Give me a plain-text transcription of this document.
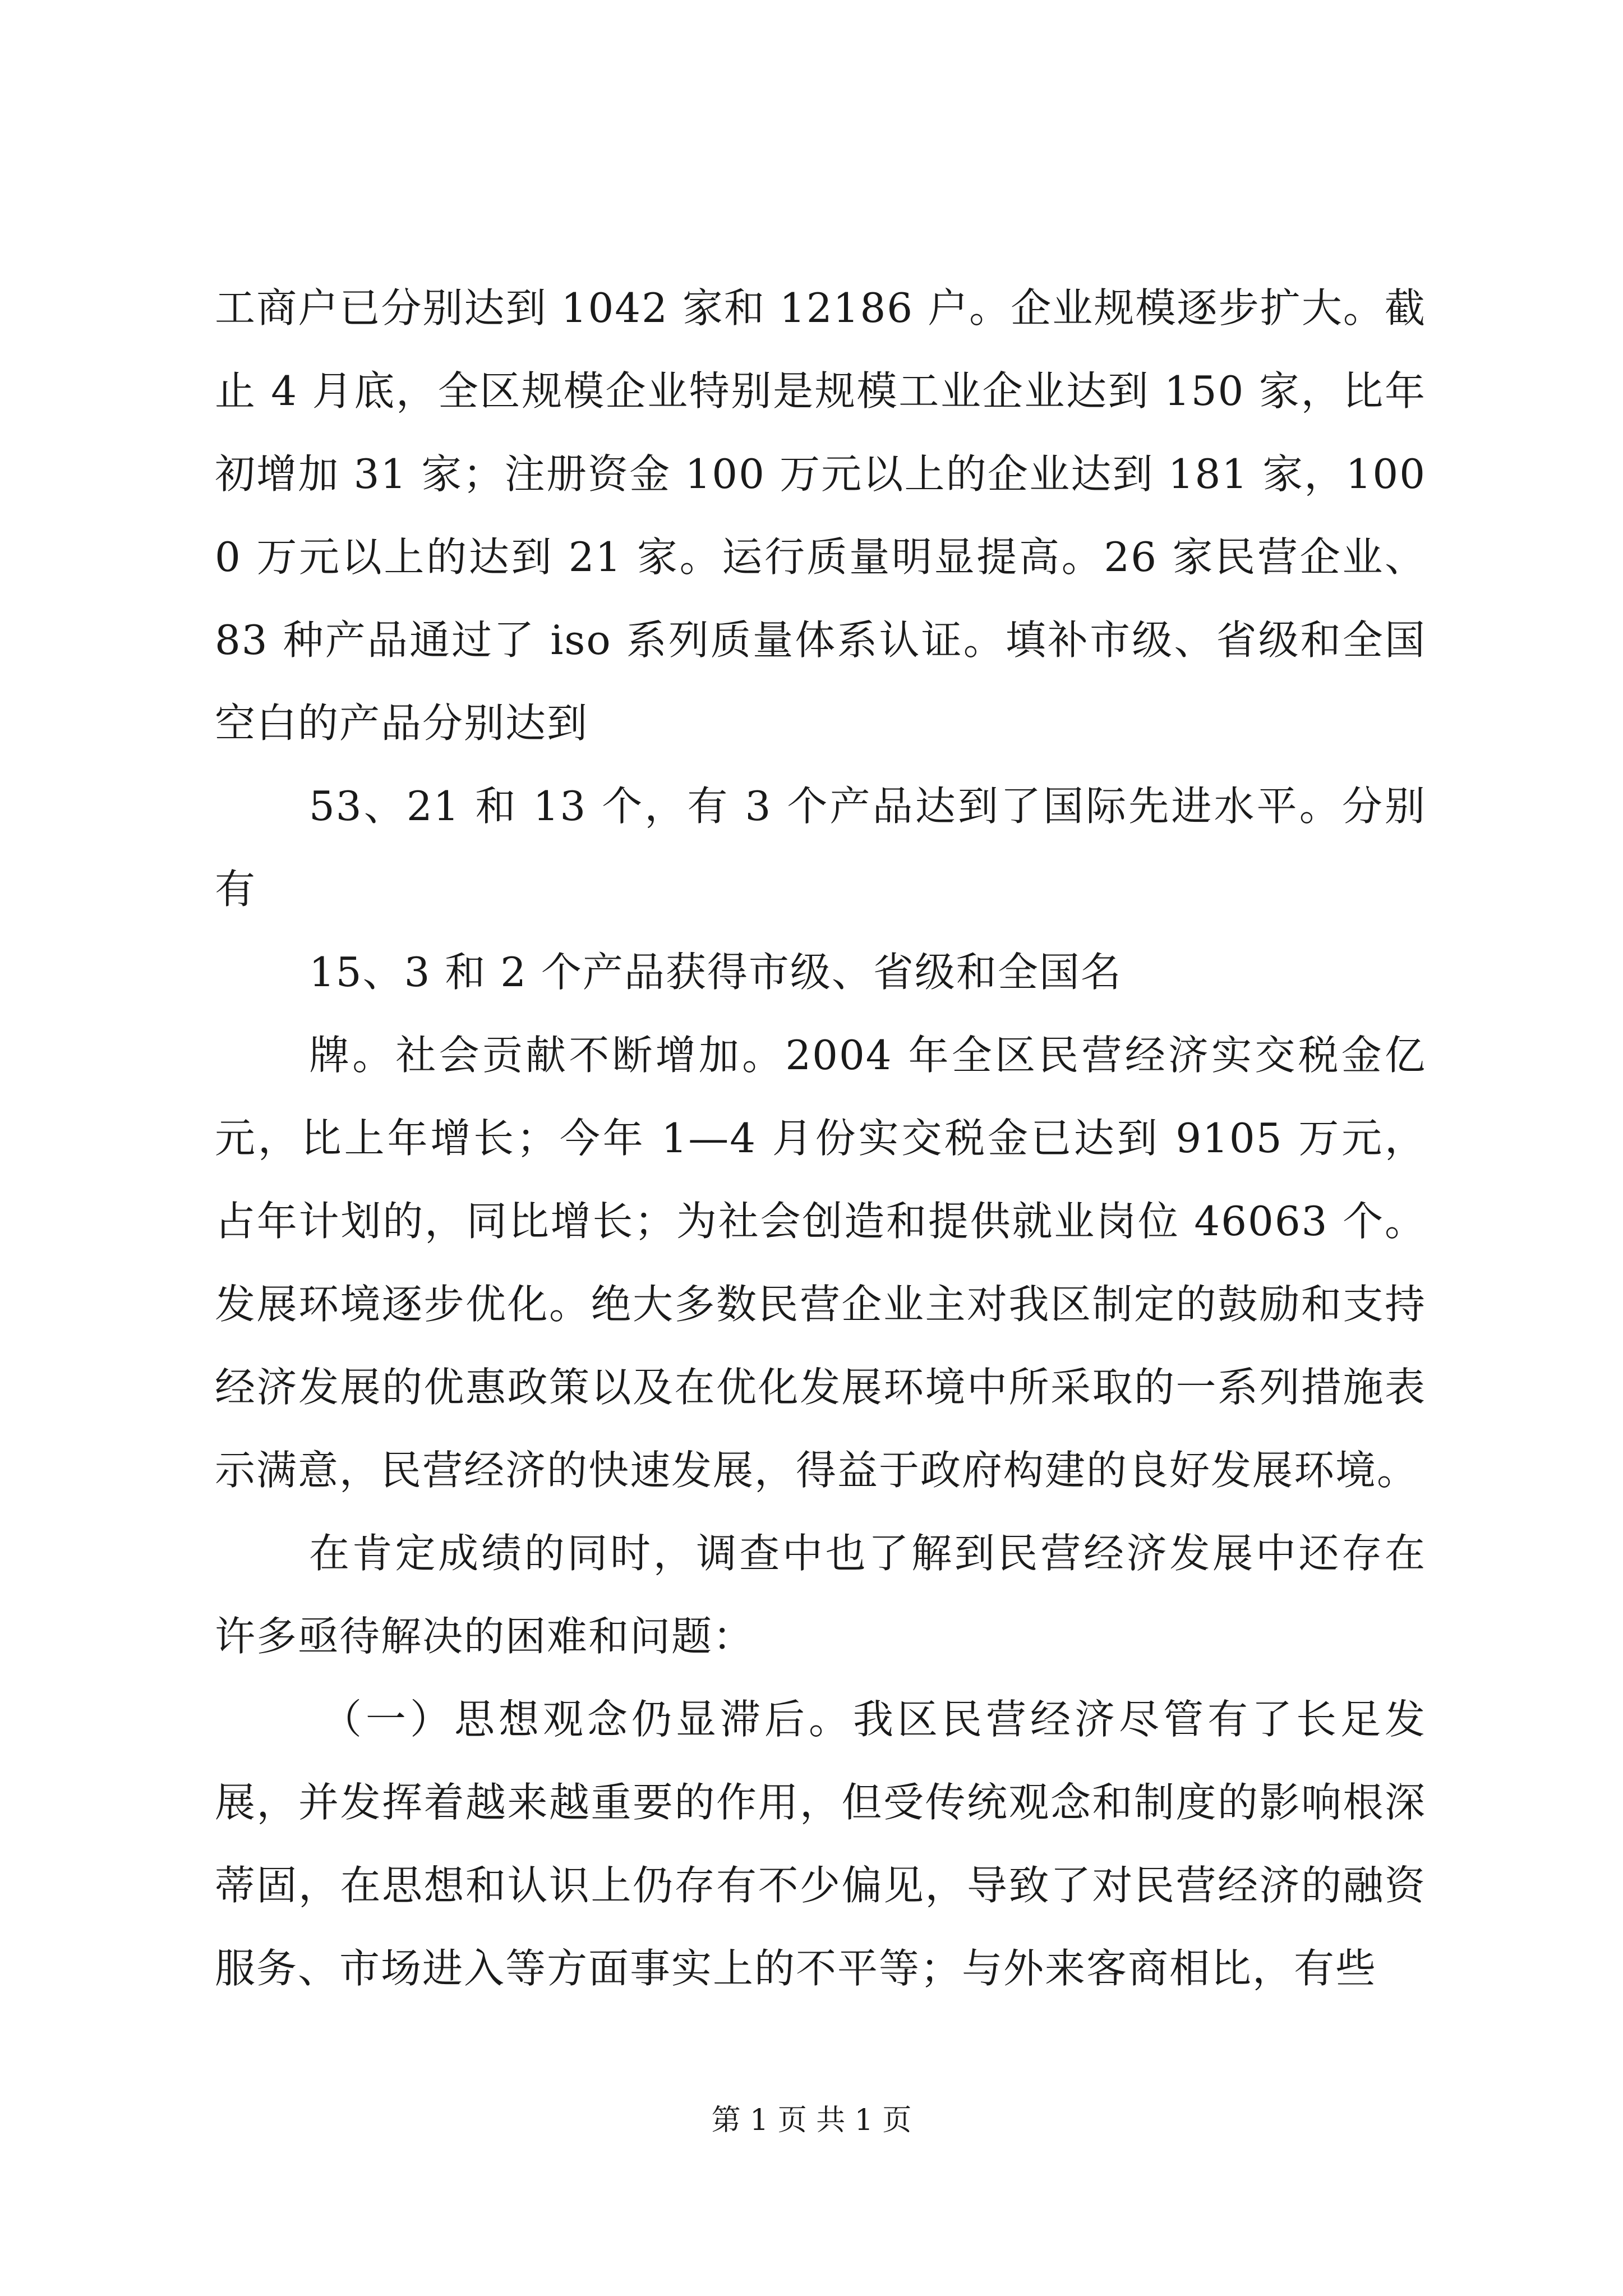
工商户已分别达到 1042 家和 12186 户。企业规模逐步扩大。截止 4 月底，全区规模企业特别是规模工业企业达到 150 家，比年初增加 31 家；注册资金 100 万元以上的企业达到 181 家，1000 万元以上的达到 21 家。运行质量明显提高。26 家民营企业、83 种产品通过了 iso 系列质量体系认证。填补市级、省级和全国空白的产品分别达到

53、21 和 13 个，有 3 个产品达到了国际先进水平。分别有

15、3 和 2 个产品获得市级、省级和全国名

牌。社会贡献不断增加。2004 年全区民营经济实交税金亿元，比上年增长；今年 1—4 月份实交税金已达到 9105 万元，占年计划的，同比增长；为社会创造和提供就业岗位 46063 个。发展环境逐步优化。绝大多数民营企业主对我区制定的鼓励和支持经济发展的优惠政策以及在优化发展环境中所采取的一系列措施表示满意，民营经济的快速发展，得益于政府构建的良好发展环境。

在肯定成绩的同时，调查中也了解到民营经济发展中还存在许多亟待解决的困难和问题：

（一）思想观念仍显滞后。我区民营经济尽管有了长足发展，并发挥着越来越重要的作用，但受传统观念和制度的影响根深蒂固，在思想和认识上仍存有不少偏见，导致了对民营经济的融资服务、市场进入等方面事实上的不平等；与外来客商相比，有些

第 1 页 共 1 页
